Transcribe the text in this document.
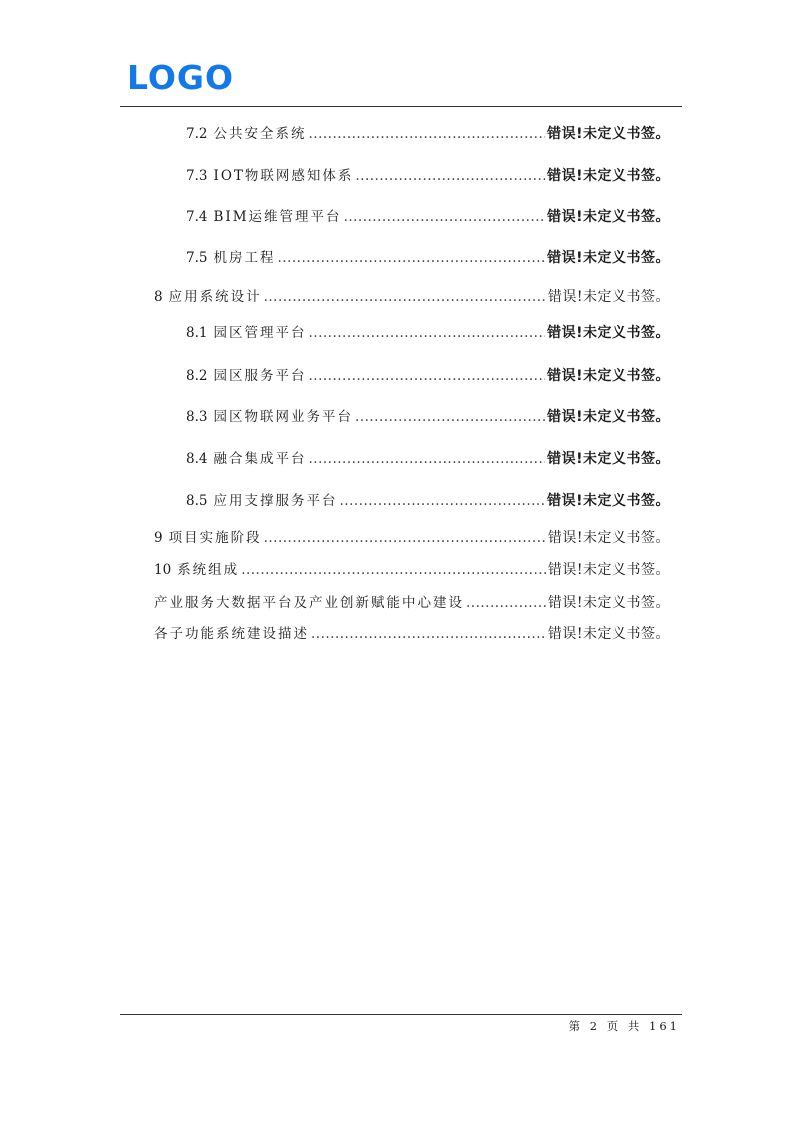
LOGO
7.2 公共安全系统 .....	错误!未定义书签。
7.3 IOT物联网感知体系 .....	错误!未定义书签。
7.4 BIM运维管理平台 .....	错误!未定义书签。
7.5 机房工程 .....	错误!未定义书签。
8 应用系统设计 .....	错误!未定义书签。
8.1 园区管理平台 .....	错误!未定义书签。
8.2 园区服务平台 .....	错误!未定义书签。
8.3 园区物联网业务平台 .....	错误!未定义书签。
8.4 融合集成平台 .....	错误!未定义书签。
8.5 应用支撑服务平台 .....	错误!未定义书签。
9 项目实施阶段 .....	错误!未定义书签。
10 系统组成 .....	错误!未定义书签。
产业服务大数据平台及产业创新赋能中心建设 .....	错误!未定义书签。
各子功能系统建设描述 .....	错误!未定义书签。
第 2 页 共 161
